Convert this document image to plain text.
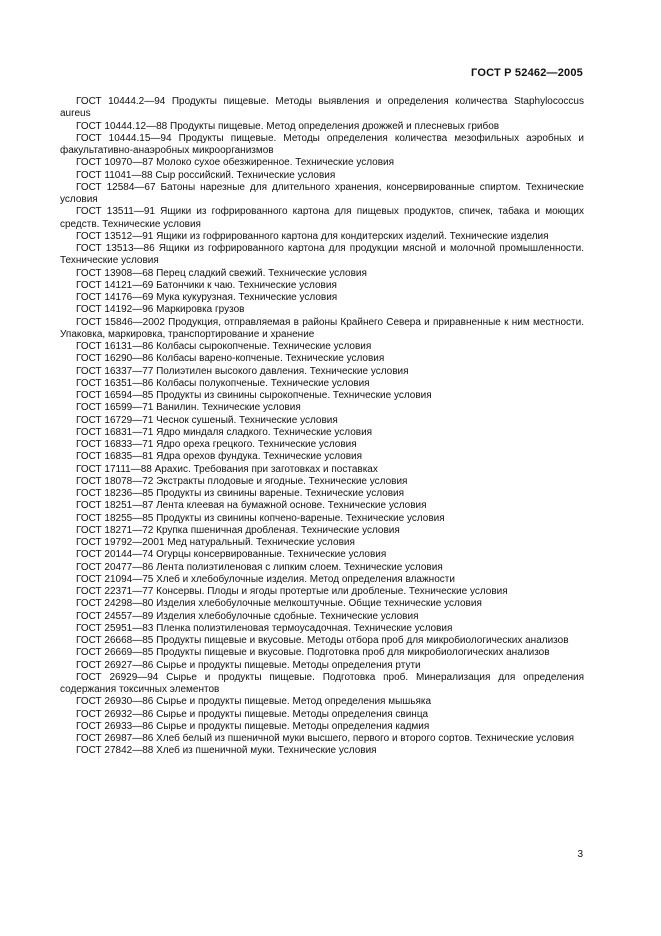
ГОСТ Р 52462—2005

ГОСТ 10444.2—94 Продукты пищевые. Методы выявления и определения количества Staphylococcus aureus

ГОСТ 10444.12—88 Продукты пищевые. Метод определения дрожжей и плесневых грибов

ГОСТ 10444.15—94 Продукты пищевые. Методы определения количества мезофильных аэробных и факультативно-анаэробных микроорганизмов

ГОСТ 10970—87 Молоко сухое обезжиренное. Технические условия

ГОСТ 11041—88 Сыр российский. Технические условия

ГОСТ 12584—67 Батоны нарезные для длительного хранения, консервированные спиртом. Технические условия

ГОСТ 13511—91 Ящики из гофрированного картона для пищевых продуктов, спичек, табака и моющих средств. Технические условия

ГОСТ 13512—91 Ящики из гофрированного картона для кондитерских изделий. Технические изделия

ГОСТ 13513—86 Ящики из гофрированного картона для продукции мясной и молочной промышленности. Технические условия

ГОСТ 13908—68 Перец сладкий свежий. Технические условия

ГОСТ 14121—69 Батончики к чаю. Технические условия

ГОСТ 14176—69 Мука кукурузная. Технические условия

ГОСТ 14192—96 Маркировка грузов

ГОСТ 15846—2002 Продукция, отправляемая в районы Крайнего Севера и приравненные к ним местности. Упаковка, маркировка, транспортирование и хранение

ГОСТ 16131—86 Колбасы сырокопченые. Технические условия

ГОСТ 16290—86 Колбасы варено-копченые. Технические условия

ГОСТ 16337—77 Полиэтилен высокого давления. Технические условия

ГОСТ 16351—86 Колбасы полукопченые. Технические условия

ГОСТ 16594—85 Продукты из свинины сырокопченые. Технические условия

ГОСТ 16599—71 Ванилин. Технические условия

ГОСТ 16729—71 Чеснок сушеный. Технические условия

ГОСТ 16831—71 Ядро миндаля сладкого. Технические условия

ГОСТ 16833—71 Ядро ореха грецкого. Технические условия

ГОСТ 16835—81 Ядра орехов фундука. Технические условия

ГОСТ 17111—88 Арахис. Требования при заготовках и поставках

ГОСТ 18078—72 Экстракты плодовые и ягодные. Технические условия

ГОСТ 18236—85 Продукты из свинины вареные. Технические условия

ГОСТ 18251—87 Лента клеевая на бумажной основе. Технические условия

ГОСТ 18255—85 Продукты из свинины копчено-вареные. Технические условия

ГОСТ 18271—72 Крупка пшеничная дробленая. Технические условия

ГОСТ 19792—2001 Мед натуральный. Технические условия

ГОСТ 20144—74 Огурцы консервированные. Технические условия

ГОСТ 20477—86 Лента полиэтиленовая с липким слоем. Технические условия

ГОСТ 21094—75 Хлеб и хлебобулочные изделия. Метод определения влажности

ГОСТ 22371—77 Консервы. Плоды и ягоды протертые или дробленые. Технические условия

ГОСТ 24298—80 Изделия хлебобулочные мелкоштучные. Общие технические условия

ГОСТ 24557—89 Изделия хлебобулочные сдобные. Технические условия

ГОСТ 25951—83 Пленка полиэтиленовая термоусадочная. Технические условия

ГОСТ 26668—85 Продукты пищевые и вкусовые. Методы отбора проб для микробиологических анализов

ГОСТ 26669—85 Продукты пищевые и вкусовые. Подготовка проб для микробиологических анализов

ГОСТ 26927—86 Сырье и продукты пищевые. Методы определения ртути

ГОСТ 26929—94 Сырье и продукты пищевые. Подготовка проб. Минерализация для определения содержания токсичных элементов

ГОСТ 26930—86 Сырье и продукты пищевые. Метод определения мышьяка

ГОСТ 26932—86 Сырье и продукты пищевые. Методы определения свинца

ГОСТ 26933—86 Сырье и продукты пищевые. Методы определения кадмия

ГОСТ 26987—86 Хлеб белый из пшеничной муки высшего, первого и второго сортов. Технические условия

ГОСТ 27842—88 Хлеб из пшеничной муки. Технические условия

3
